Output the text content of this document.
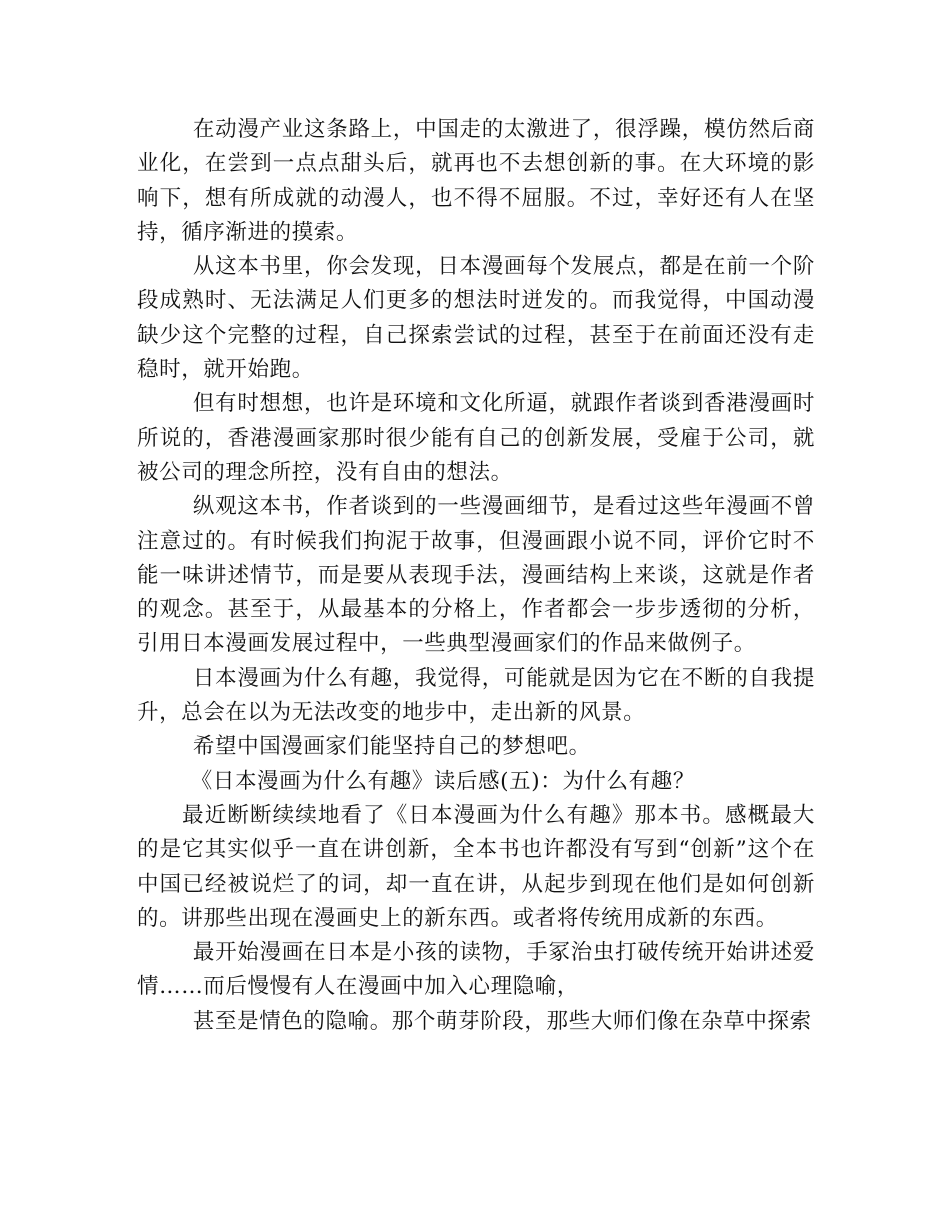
在动漫产业这条路上，中国走的太激进了，很浮躁，模仿然后商业化，在尝到一点点甜头后，就再也不去想创新的事。在大环境的影响下，想有所成就的动漫人，也不得不屈服。不过，幸好还有人在坚持，循序渐进的摸索。

从这本书里，你会发现，日本漫画每个发展点，都是在前一个阶段成熟时、无法满足人们更多的想法时迸发的。而我觉得，中国动漫缺少这个完整的过程，自己探索尝试的过程，甚至于在前面还没有走稳时，就开始跑。

但有时想想，也许是环境和文化所逼，就跟作者谈到香港漫画时所说的，香港漫画家那时很少能有自己的创新发展，受雇于公司，就被公司的理念所控，没有自由的想法。

纵观这本书，作者谈到的一些漫画细节，是看过这些年漫画不曾注意过的。有时候我们拘泥于故事，但漫画跟小说不同，评价它时不能一味讲述情节，而是要从表现手法，漫画结构上来谈，这就是作者的观念。甚至于，从最基本的分格上，作者都会一步步透彻的分析，引用日本漫画发展过程中，一些典型漫画家们的作品来做例子。

日本漫画为什么有趣，我觉得，可能就是因为它在不断的自我提升，总会在以为无法改变的地步中，走出新的风景。

希望中国漫画家们能坚持自己的梦想吧。

《日本漫画为什么有趣》读后感(五)：为什么有趣？

最近断断续续地看了《日本漫画为什么有趣》那本书。感概最大的是它其实似乎一直在讲创新，全本书也许都没有写到“创新”这个在中国已经被说烂了的词，却一直在讲，从起步到现在他们是如何创新的。讲那些出现在漫画史上的新东西。或者将传统用成新的东西。

最开始漫画在日本是小孩的读物，手冢治虫打破传统开始讲述爱情……而后慢慢有人在漫画中加入心理隐喻，

甚至是情色的隐喻。那个萌芽阶段，那些大师们像在杂草中探索
